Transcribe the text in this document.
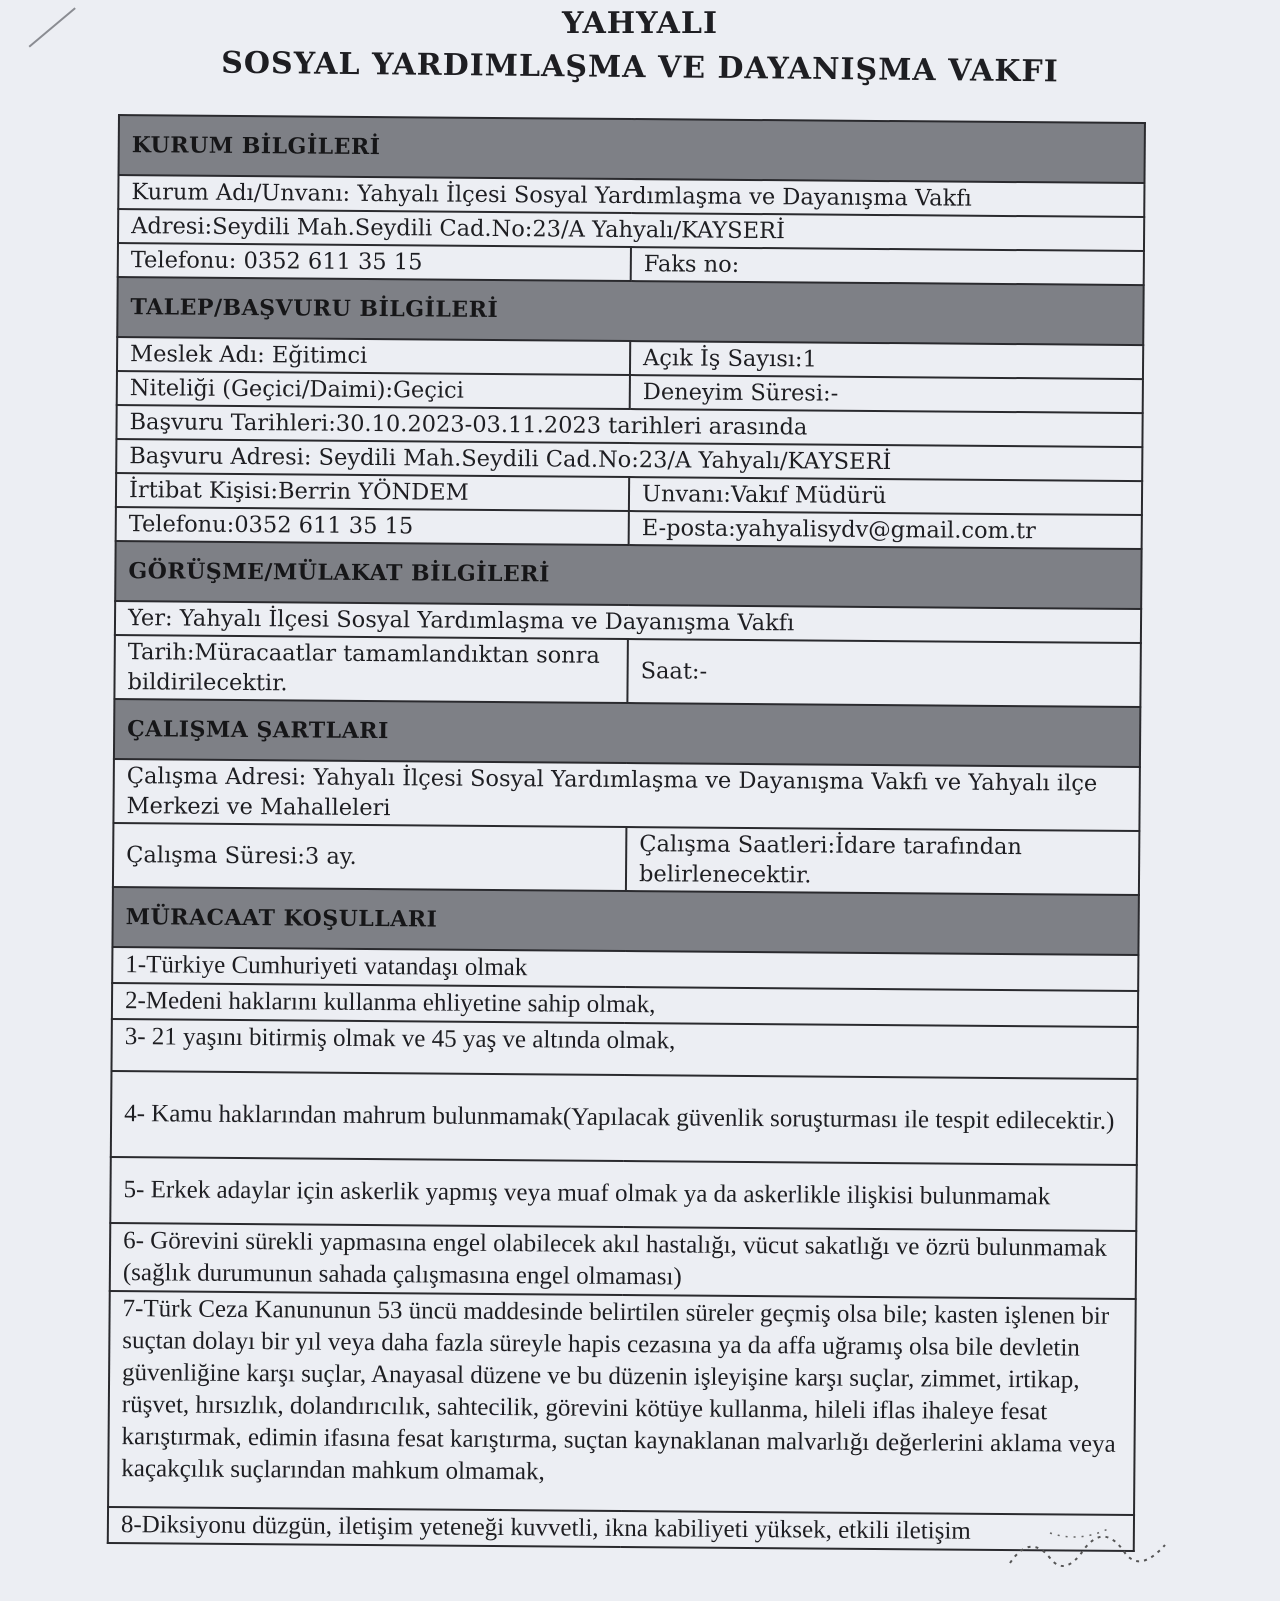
YAHYALI
SOSYAL YARDIMLAŞMA VE DAYANIŞMA VAKFI
KURUM BİLGİLERİ	
Kurum Adı/Unvanı: Yahyalı İlçesi Sosyal Yardımlaşma ve Dayanışma Vakfı	
Adresi:Seydili Mah.Seydili Cad.No:23/A Yahyalı/KAYSERİ	
Telefonu: 0352 611 35 15	Faks no:
TALEP/BAŞVURU BİLGİLERİ	
Meslek Adı: Eğitimci	Açık İş Sayısı:1
Niteliği (Geçici/Daimi):Geçici	Deneyim Süresi:-
Başvuru Tarihleri:30.10.2023-03.11.2023 tarihleri arasında	
Başvuru Adresi: Seydili Mah.Seydili Cad.No:23/A Yahyalı/KAYSERİ	
İrtibat Kişisi:Berrin YÖNDEM	Unvanı:Vakıf Müdürü
Telefonu:0352 611 35 15	E-posta:yahyalisydv@gmail.com.tr
GÖRÜŞME/MÜLAKAT BİLGİLERİ	
Yer: Yahyalı İlçesi Sosyal Yardımlaşma ve Dayanışma Vakfı	
Tarih:Müracaatlar tamamlandıktan sonra bildirilecektir.	Saat:-
ÇALIŞMA ŞARTLARI	
Çalışma Adresi: Yahyalı İlçesi Sosyal Yardımlaşma ve Dayanışma Vakfı ve Yahyalı ilçe Merkezi ve Mahalleleri	
Çalışma Süresi:3 ay.	Çalışma Saatleri:İdare tarafından belirlenecektir.
MÜRACAAT KOŞULLARI	
1-Türkiye Cumhuriyeti vatandaşı olmak	
2-Medeni haklarını kullanma ehliyetine sahip olmak,	
3- 21 yaşını bitirmiş olmak ve 45 yaş ve altında olmak,	
4- Kamu haklarından mahrum bulunmamak(Yapılacak güvenlik soruşturması ile tespit edilecektir.)	
5- Erkek adaylar için askerlik yapmış veya muaf olmak ya da askerlikle ilişkisi bulunmamak	
6- Görevini sürekli yapmasına engel olabilecek akıl hastalığı, vücut sakatlığı ve özrü bulunmamak (sağlık durumunun sahada çalışmasına engel olmaması)	
7-Türk Ceza Kanununun 53 üncü maddesinde belirtilen süreler geçmiş olsa bile; kasten işlenen bir suçtan dolayı bir yıl veya daha fazla süreyle hapis cezasına ya da affa uğramış olsa bile devletin güvenliğine karşı suçlar, Anayasal düzene ve bu düzenin işleyişine karşı suçlar, zimmet, irtikap, rüşvet, hırsızlık, dolandırıcılık, sahtecilik, görevini kötüye kullanma, hileli iflas ihaleye fesat karıştırmak, edimin ifasına fesat karıştırma, suçtan kaynaklanan malvarlığı değerlerini aklama veya kaçakçılık suçlarından mahkum olmamak,	
8-Diksiyonu düzgün, iletişim yeteneği kuvvetli, ikna kabiliyeti yüksek, etkili iletişim	
